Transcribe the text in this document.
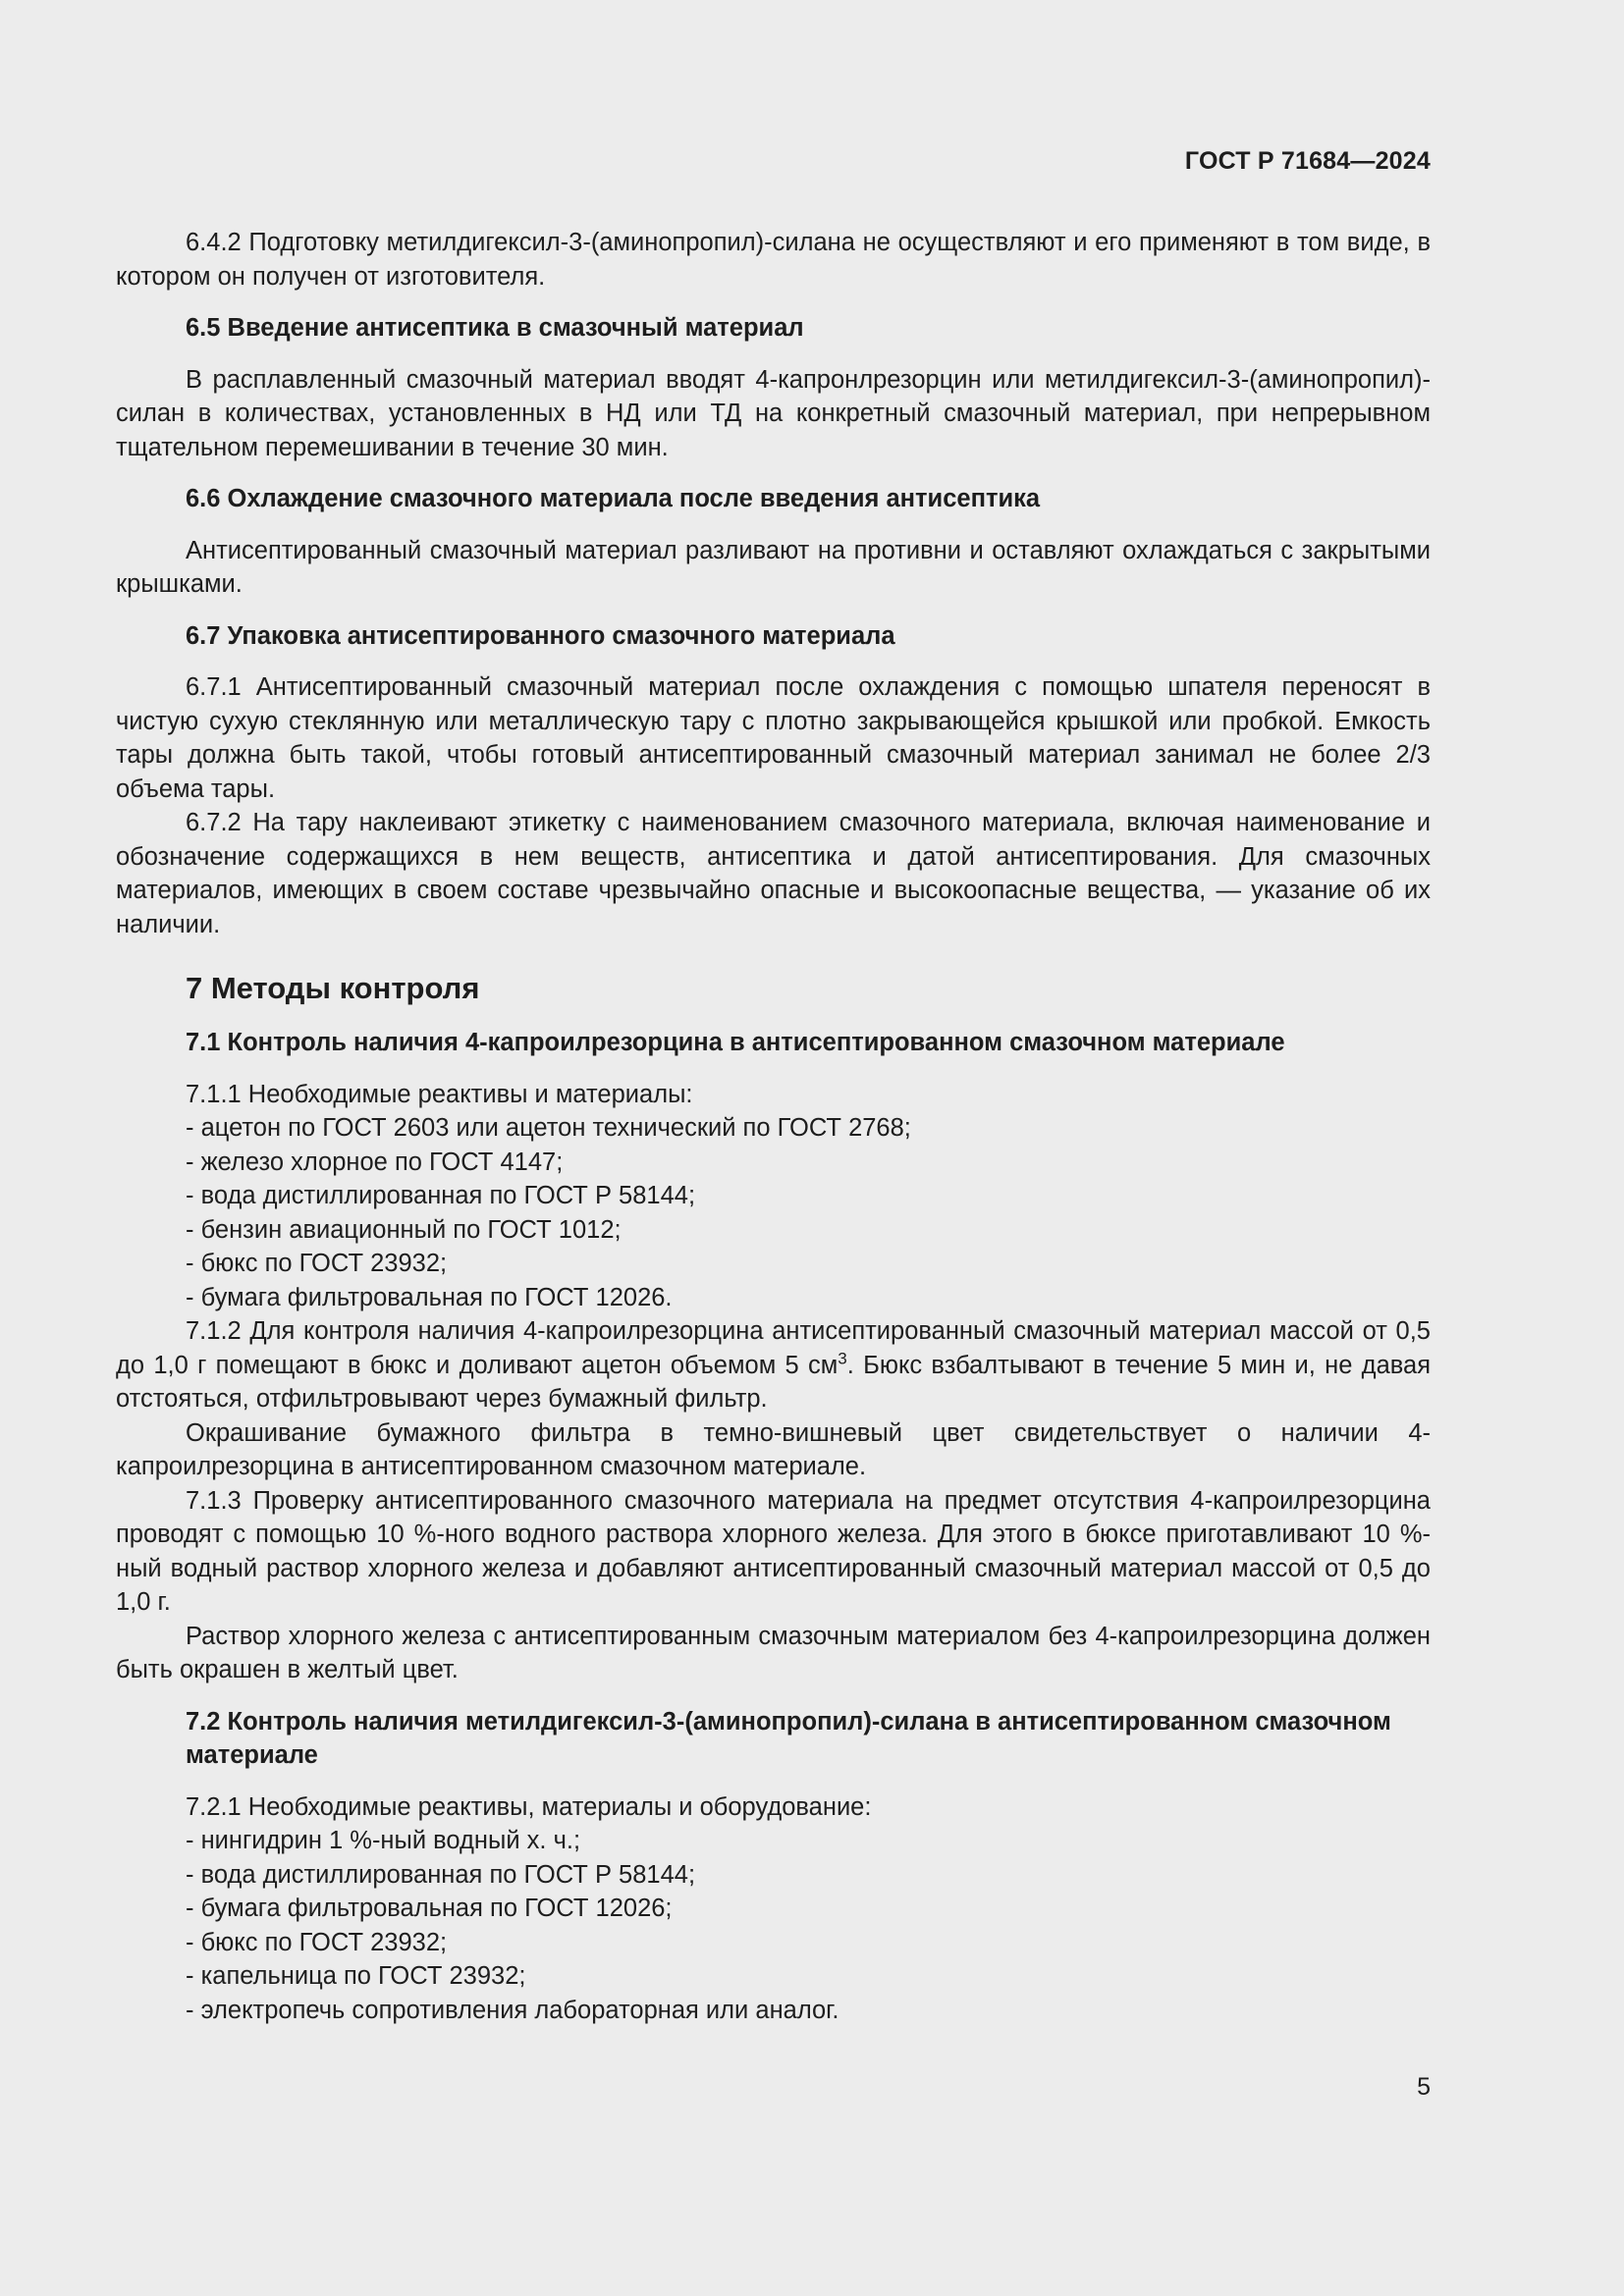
ГОСТ Р 71684—2024

6.4.2 Подготовку метилдигексил-3-(аминопропил)-силана не осуществляют и его применяют в том виде, в котором он получен от изготовителя.

6.5 Введение антисептика в смазочный материал

В расплавленный смазочный материал вводят 4-капронлрезорцин или метилдигексил-3-(аминопропил)-силан в количествах, установленных в НД или ТД на конкретный смазочный материал, при непрерывном тщательном перемешивании в течение 30 мин.

6.6 Охлаждение смазочного материала после введения антисептика

Антисептированный смазочный материал разливают на противни и оставляют охлаждаться с закрытыми крышками.

6.7 Упаковка антисептированного смазочного материала

6.7.1 Антисептированный смазочный материал после охлаждения с помощью шпателя переносят в чистую сухую стеклянную или металлическую тару с плотно закрывающейся крышкой или пробкой. Емкость тары должна быть такой, чтобы готовый антисептированный смазочный материал занимал не более 2/3 объема тары.

6.7.2 На тару наклеивают этикетку с наименованием смазочного материала, включая наименование и обозначение содержащихся в нем веществ, антисептика и датой антисептирования. Для смазочных материалов, имеющих в своем составе чрезвычайно опасные и высокоопасные вещества, — указание об их наличии.

7 Методы контроля

7.1 Контроль наличия 4-капроилрезорцина в антисептированном смазочном материале

7.1.1 Необходимые реактивы и материалы:

- ацетон по ГОСТ 2603 или ацетон технический по ГОСТ 2768;

- железо хлорное по ГОСТ 4147;

- вода дистиллированная по ГОСТ Р 58144;

- бензин авиационный по ГОСТ 1012;

- бюкс по ГОСТ 23932;

- бумага фильтровальная по ГОСТ 12026.

7.1.2 Для контроля наличия 4-капроилрезорцина антисептированный смазочный материал массой от 0,5 до 1,0 г помещают в бюкс и доливают ацетон объемом 5 $см^3$. Бюкс взбалтывают в течение 5 мин и, не давая отстояться, отфильтровывают через бумажный фильтр.

Окрашивание бумажного фильтра в темно-вишневый цвет свидетельствует о наличии 4-капроилрезорцина в антисептированном смазочном материале.

7.1.3 Проверку антисептированного смазочного материала на предмет отсутствия 4-капроилрезорцина проводят с помощью 10 %-ного водного раствора хлорного железа. Для этого в бюксе приготавливают 10 %-ный водный раствор хлорного железа и добавляют антисептированный смазочный материал массой от 0,5 до 1,0 г.

Раствор хлорного железа с антисептированным смазочным материалом без 4-капроилрезорцина должен быть окрашен в желтый цвет.

7.2 Контроль наличия метилдигексил-3-(аминопропил)-силана в антисептированном смазочном материале

7.2.1 Необходимые реактивы, материалы и оборудование:

- нингидрин 1 %-ный водный х. ч.;

- вода дистиллированная по ГОСТ Р 58144;

- бумага фильтровальная по ГОСТ 12026;

- бюкс по ГОСТ 23932;

- капельница по ГОСТ 23932;

- электропечь сопротивления лабораторная или аналог.

5
